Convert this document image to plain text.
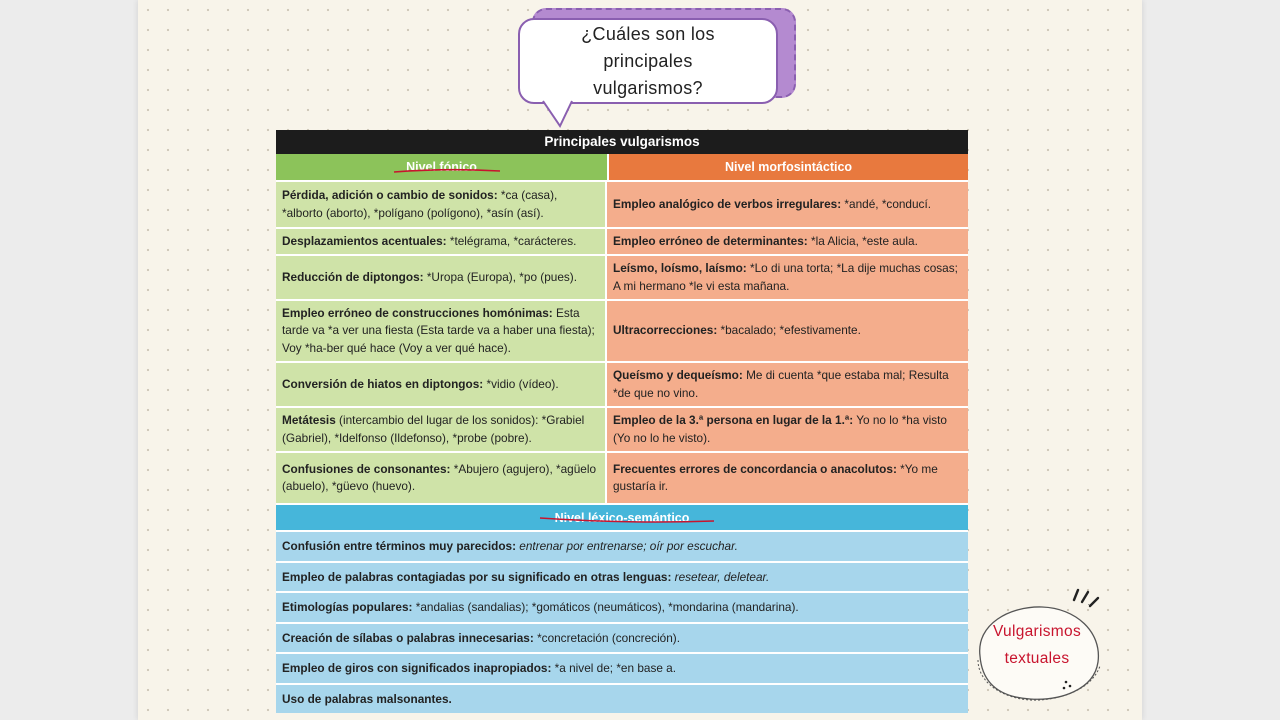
¿Cuáles son los principales
vulgarismos?
Principales vulgarismos
Nivel fónico	Nivel morfosintáctico
Pérdida, adición o cambio de sonidos: *ca (casa), *alborto (aborto), *polígano (polígono), *asín (así).
Empleo analógico de verbos irregulares: *andé, *conducí.
Desplazamientos acentuales: *telégrama, *carácteres.	Empleo erróneo de determinantes: *la Alicia, *este aula.
Reducción de diptongos: *Uropa (Europa), *po (pues).
Leísmo, loísmo, laísmo: *Lo di una torta; *La dije muchas cosas; A mi hermano *le vi esta mañana.
Empleo erróneo de construcciones homónimas: Esta tarde va *a ver una fiesta (Esta tarde va a haber una fiesta); Voy *ha-ber qué hace (Voy a ver qué hace).
Ultracorrecciones: *bacalado; *efestivamente.
Conversión de hiatos en diptongos: *vidio (vídeo).
Queísmo y dequeísmo: Me di cuenta *que estaba mal; Resulta *de que no vino.
Metátesis (intercambio del lugar de los sonidos): *Grabiel (Gabriel), *Idelfonso (Ildefonso), *probe (pobre).
Empleo de la 3.ª persona en lugar de la 1.ª: Yo no lo *ha visto (Yo no lo he visto).
Confusiones de consonantes: *Abujero (agujero), *agüelo (abuelo), *güevo (huevo).
Frecuentes errores de concordancia o anacolutos: *Yo me gustaría ir.
Nivel léxico-semántico
Confusión entre términos muy parecidos: entrenar por entrenarse; oír por escuchar.
Empleo de palabras contagiadas por su significado en otras lenguas: resetear, deletear.
Etimologías populares: *andalias (sandalias); *gomáticos (neumáticos), *mondarina (mandarina).
Creación de sílabas o palabras innecesarias: *concretación (concreción).
Empleo de giros con significados inapropiados: *a nivel de; *en base a.
Uso de palabras malsonantes.
Vulgarismos
textuales
